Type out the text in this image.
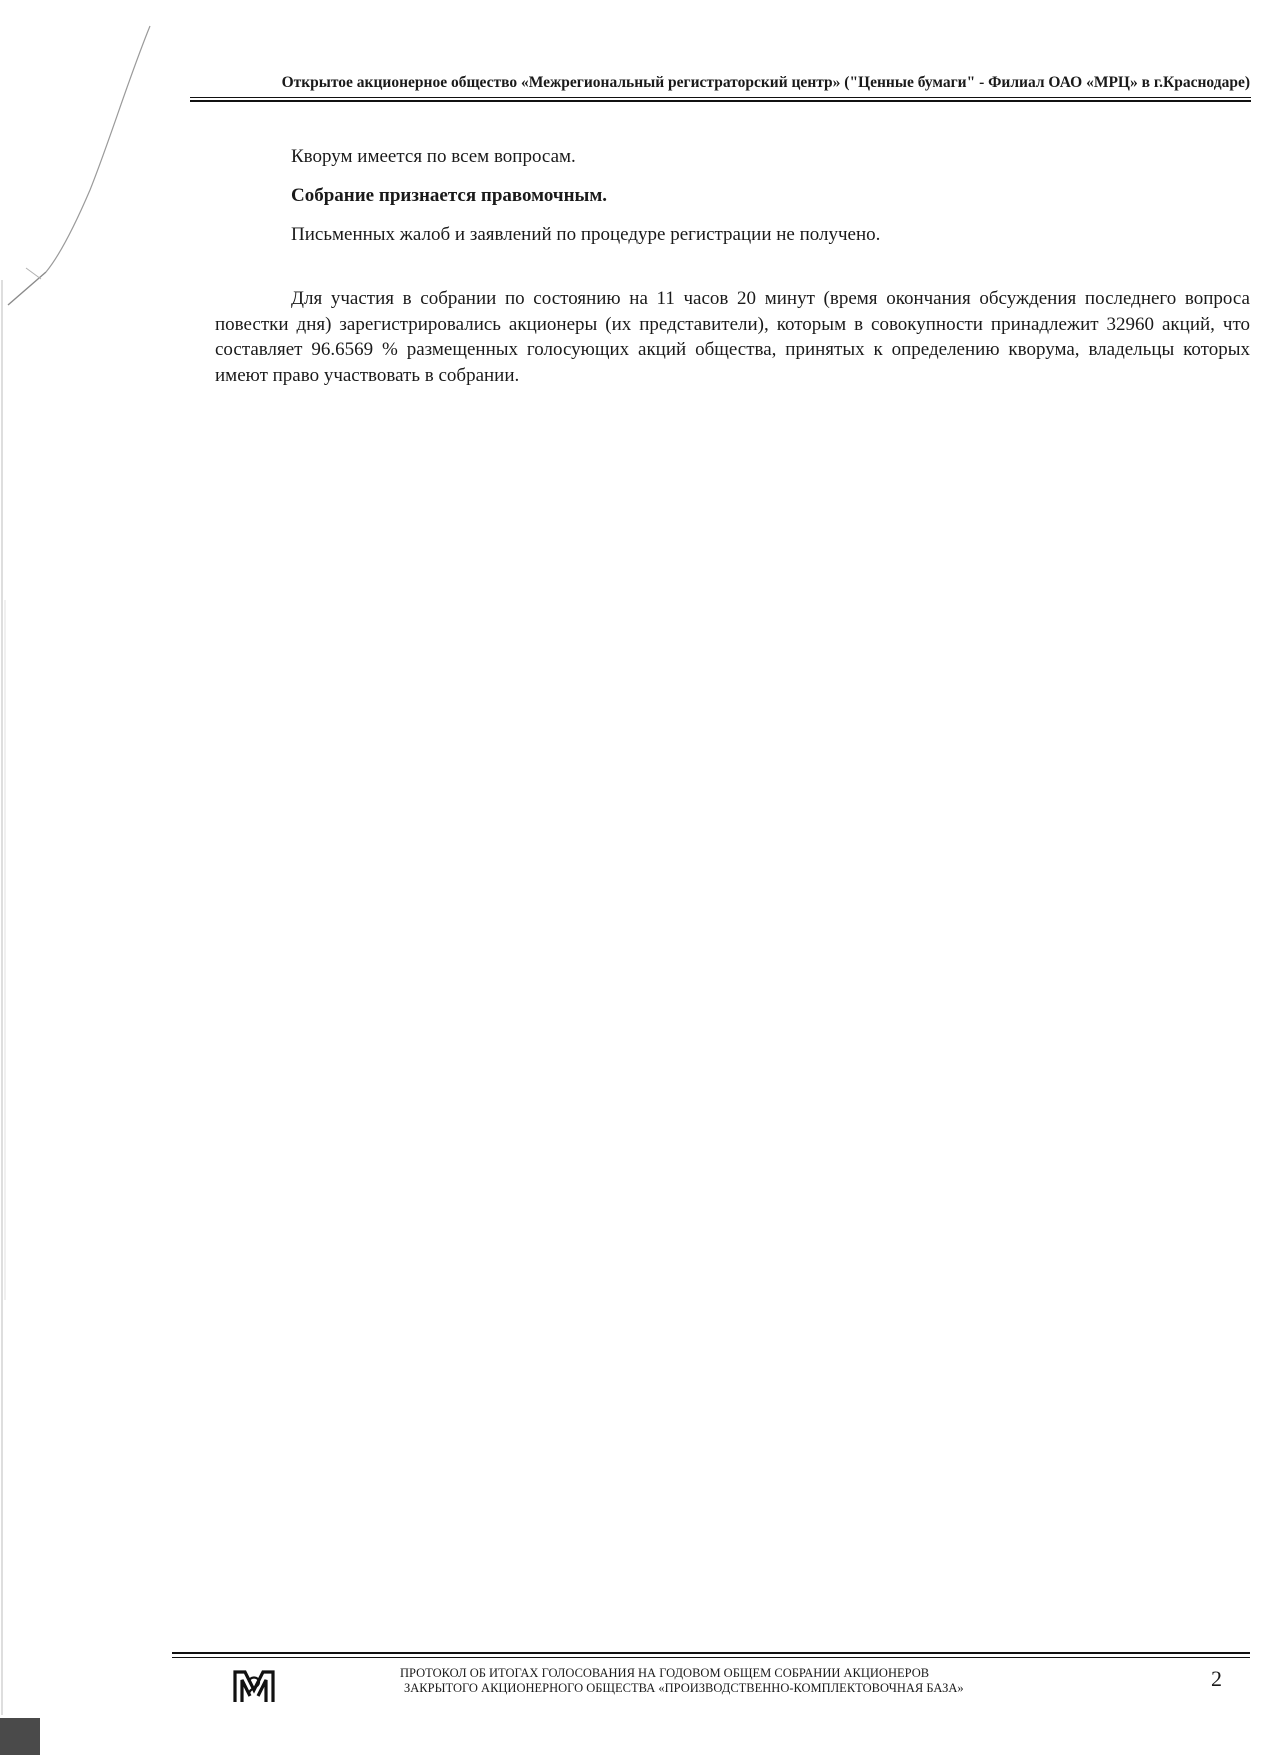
Открытое акционерное общество «Межрегиональный регистраторский центр» ("Ценные бумаги" - Филиал ОАО «МРЦ» в г.Краснодаре)

Кворум имеется по всем вопросам.

Собрание признается правомочным.

Письменных жалоб и заявлений по процедуре регистрации не получено.

Для участия в собрании по состоянию на 11 часов 20 минут (время окончания обсуждения последнего вопроса повестки дня) зарегистрировались акционеры (их представители), которым в совокупности принадлежит 32960 акций, что составляет 96.6569 % размещенных голосующих акций общества, принятых к определению кворума, владельцы которых имеют право участвовать в собрании.

ПРОТОКОЛ ОБ ИТОГАХ ГОЛОСОВАНИЯ НА ГОДОВОМ ОБЩЕМ СОБРАНИИ АКЦИОНЕРОВ
ЗАКРЫТОГО АКЦИОНЕРНОГО ОБЩЕСТВА «ПРОИЗВОДСТВЕННО-КОМПЛЕКТОВОЧНАЯ БАЗА»	2
